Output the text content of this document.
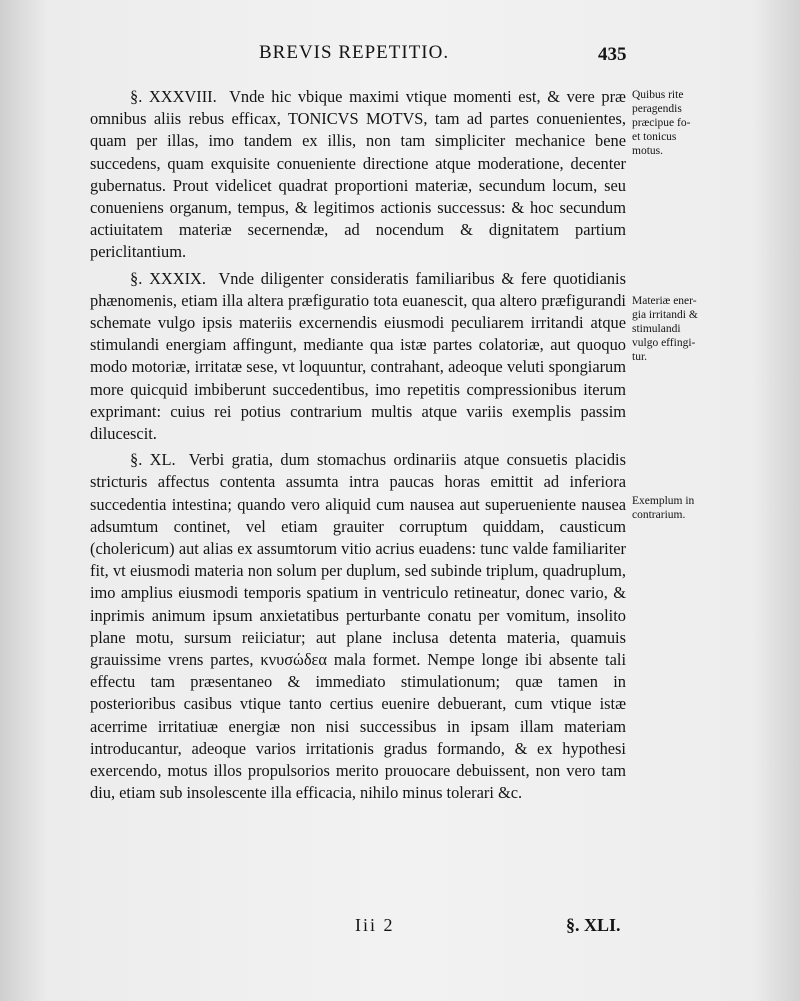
BREVIS REPETITIO.	435

§. XXXVIII. Vnde hic vbique maximi vtique momenti est, & vere præ omnibus aliis rebus efficax, TONICVS MOTVS, tam ad partes conuenientes, quam per illas, imo tandem ex illis, non tam simpliciter mechanice bene succedens, quam exquisite conueniente directione atque moderatione, decenter gubernatus. Prout videlicet quadrat proportioni materiæ, secundum locum, seu conueniens organum, tempus, & legitimos actionis successus: & hoc secundum actiuitatem materiæ secernendæ, ad nocendum & dignitatem partium periclitantium.

§. XXXIX. Vnde diligenter consideratis familiaribus & fere quotidianis phænomenis, etiam illa altera præfiguratio tota euanescit, qua altero præfigurandi schemate vulgo ipsis materiis excernendis eiusmodi peculiarem irritandi atque stimulandi energiam affingunt, mediante qua istæ partes colatoriæ, aut quoquo modo motoriæ, irritatæ sese, vt loquuntur, contrahant, adeoque veluti spongiarum more quicquid imbiberunt succedentibus, imo repetitis compressionibus iterum exprimant: cuius rei potius contrarium multis atque variis exemplis passim dilucescit.

§. XL. Verbi gratia, dum stomachus ordinariis atque consuetis placidis stricturis affectus contenta assumta intra paucas horas emittit ad inferiora succedentia intestina; quando vero aliquid cum nausea aut superueniente nausea adsumtum continet, vel etiam grauiter corruptum quiddam, causticum (cholericum) aut alias ex assumtorum vitio acrius euadens: tunc valde familiariter fit, vt eiusmodi materia non solum per duplum, sed subinde triplum, quadruplum, imo amplius eiusmodi temporis spatium in ventriculo retineatur, donec vario, & inprimis animum ipsum anxietatibus perturbante conatu per vomitum, insolito plane motu, sursum reiiciatur; aut plane inclusa detenta materia, quamuis grauissime vrens partes, κνυσώδεα mala formet. Nempe longe ibi absente tali effectu tam præsentaneo & immediato stimulationum; quæ tamen in posterioribus casibus vtique tanto certius euenire debuerant, cum vtique istæ acerrime irritatiuæ energiæ non nisi successibus in ipsam illam materiam introducantur, adeoque varios irritationis gradus formando, & ex hypothesi exercendo, motus illos propulsorios merito prouocare debuissent, non vero tam diu, etiam sub insolescente illa efficacia, nihilo minus tolerari &c.

Quibus rite
peragendis
præcipue fo-
et tonicus
motus.
Materiæ ener-
gia irritandi &
stimulandi
vulgo effingi-
tur.
Exemplum in
contrarium.
Iii 2	§. XLI.
